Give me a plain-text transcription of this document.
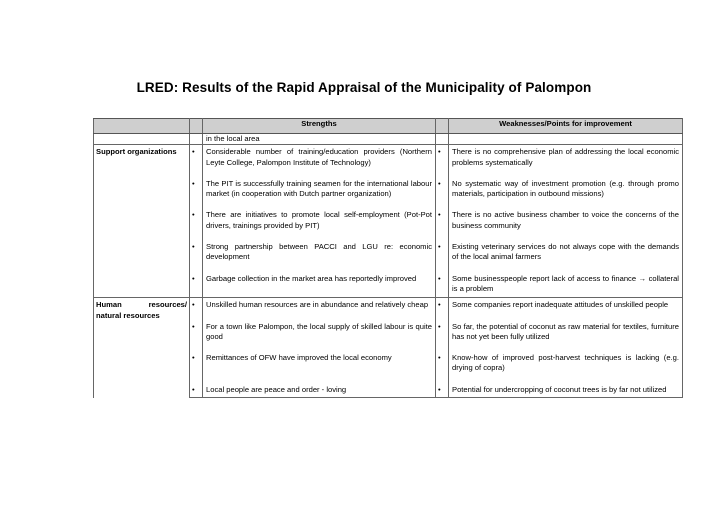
LRED: Results of the Rapid Appraisal of the Municipality of Palompon
		Strengths		Weaknesses/Points for improvement
		in the local area		
Support organizations	•	Considerable number of training/education providers (Northern Leyte College, Palompon Institute of Technology)	•	There is no comprehensive plan of addressing the local economic problems systematically

	•	The PIT is successfully training seamen for the international labour market (in cooperation with Dutch partner organization)	•	No systematic way of investment promotion (e.g. through promo materials, participation in outbound missions)

	•	There are initiatives to promote local self-employment (Pot-Pot drivers, trainings provided by PIT)	•	There is no active business chamber to voice the concerns of the business community

	•	Strong partnership between PACCI and LGU re: economic development	•	Existing veterinary services do not always cope with the demands of the local animal farmers

	•	Garbage collection in the market area has reportedly improved	•	Some businesspeople report lack of access to finance → collateral is a problem

Human resources/ natural resources	•	Unskilled human resources are in abundance and relatively cheap	•	Some companies report inadequate attitudes of unskilled people

	•	For a town like Palompon, the local supply of skilled labour is quite good	•	So far, the potential of coconut as raw material for textiles, furniture has not yet been fully utilized

	•	Remittances of OFW have improved the local economy	•	Know-how of improved post-harvest techniques is lacking (e.g. drying of copra)

	•	Local people are peace and order - loving	•	Potential for undercropping of coconut trees is by far not utilized
